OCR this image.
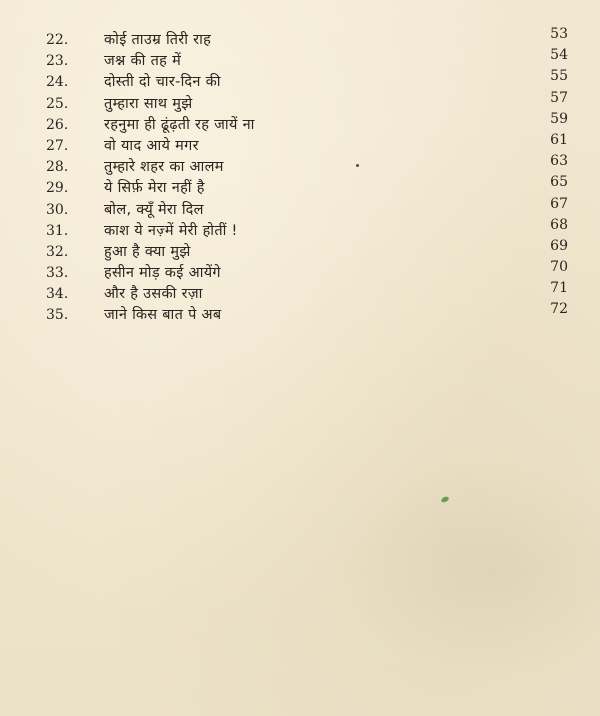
22.	कोई ताउम्र तिरी राह	53
23.	जश्न की तह में	54
24.	दोस्ती दो चार-दिन की	55
25.	तुम्हारा साथ मुझे	57
26.	रहनुमा ही ढूंढ़ती रह जायें ना	59
27.	वो याद आये मगर	61
28.	तुम्हारे शहर का आलम	63
29.	ये सिर्फ़ मेरा नहीं है	65
30.	बोल, क्यूँ मेरा दिल	67
31.	काश ये नज़्में मेरी होतीं !	68
32.	हुआ है क्या मुझे	69
33.	हसीन मोड़ कई आयेंगे	70
34.	और है उसकी रज़ा	71
35.	जाने किस बात पे अब	72
